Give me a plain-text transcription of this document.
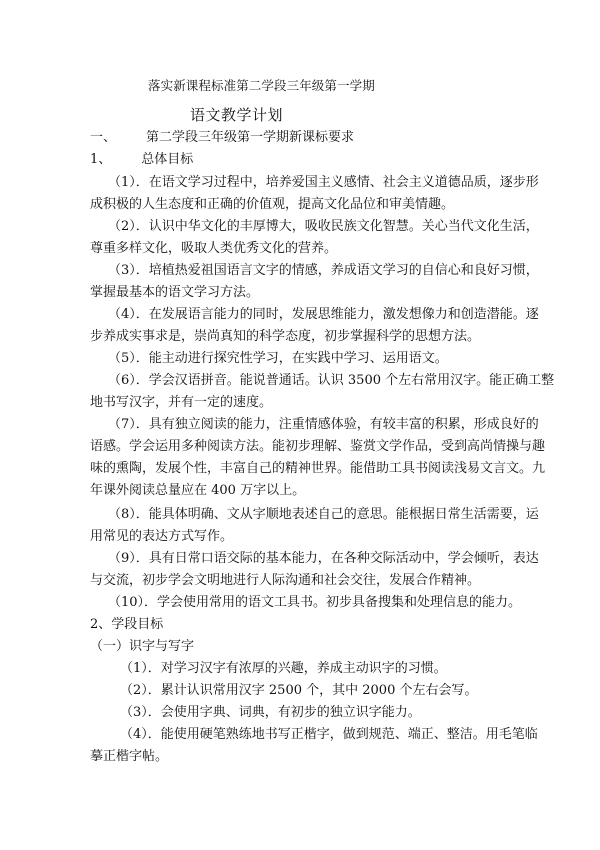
落实新课程标准第二学段三年级第一学期
语文教学计划
一、 第二学段三年级第一学期新课标要求
1、 总体目标
（1）．在语文学习过程中，培养爱国主义感情、社会主义道德品质，逐步形
成积极的人生态度和正确的价值观，提高文化品位和审美情趣。
（2）．认识中华文化的丰厚博大，吸收民族文化智慧。关心当代文化生活，
尊重多样文化，吸取人类优秀文化的营养。
（3）．培植热爱祖国语言文字的情感，养成语文学习的自信心和良好习惯，
掌握最基本的语文学习方法。
（4）．在发展语言能力的同时，发展思维能力，激发想像力和创造潜能。逐
步养成实事求是，崇尚真知的科学态度，初步掌握科学的思想方法。
（5）．能主动进行探究性学习，在实践中学习、运用语文。
（6）．学会汉语拼音。能说普通话。认识 3500 个左右常用汉字。能正确工整
地书写汉字，并有一定的速度。
（7）．具有独立阅读的能力，注重情感体验，有较丰富的积累，形成良好的
语感。学会运用多种阅读方法。能初步理解、鉴赏文学作品，受到高尚情操与趣
味的熏陶，发展个性，丰富自己的精神世界。能借助工具书阅读浅易文言文。九
年课外阅读总量应在 400 万字以上。
（8）．能具体明确、文从字顺地表述自己的意思。能根据日常生活需要，运
用常见的表达方式写作。
（9）．具有日常口语交际的基本能力，在各种交际活动中，学会倾听，表达
与交流，初步学会文明地进行人际沟通和社会交往，发展合作精神。
（10）．学会使用常用的语文工具书。初步具备搜集和处理信息的能力。
2、学段目标
（一）识字与写字
（1）．对学习汉字有浓厚的兴趣，养成主动识字的习惯。
（2）．累计认识常用汉字 2500 个，其中 2000 个左右会写。
（3）．会使用字典、词典，有初步的独立识字能力。
（4）．能使用硬笔熟练地书写正楷字，做到规范、端正、整洁。用毛笔临
摹正楷字帖。
